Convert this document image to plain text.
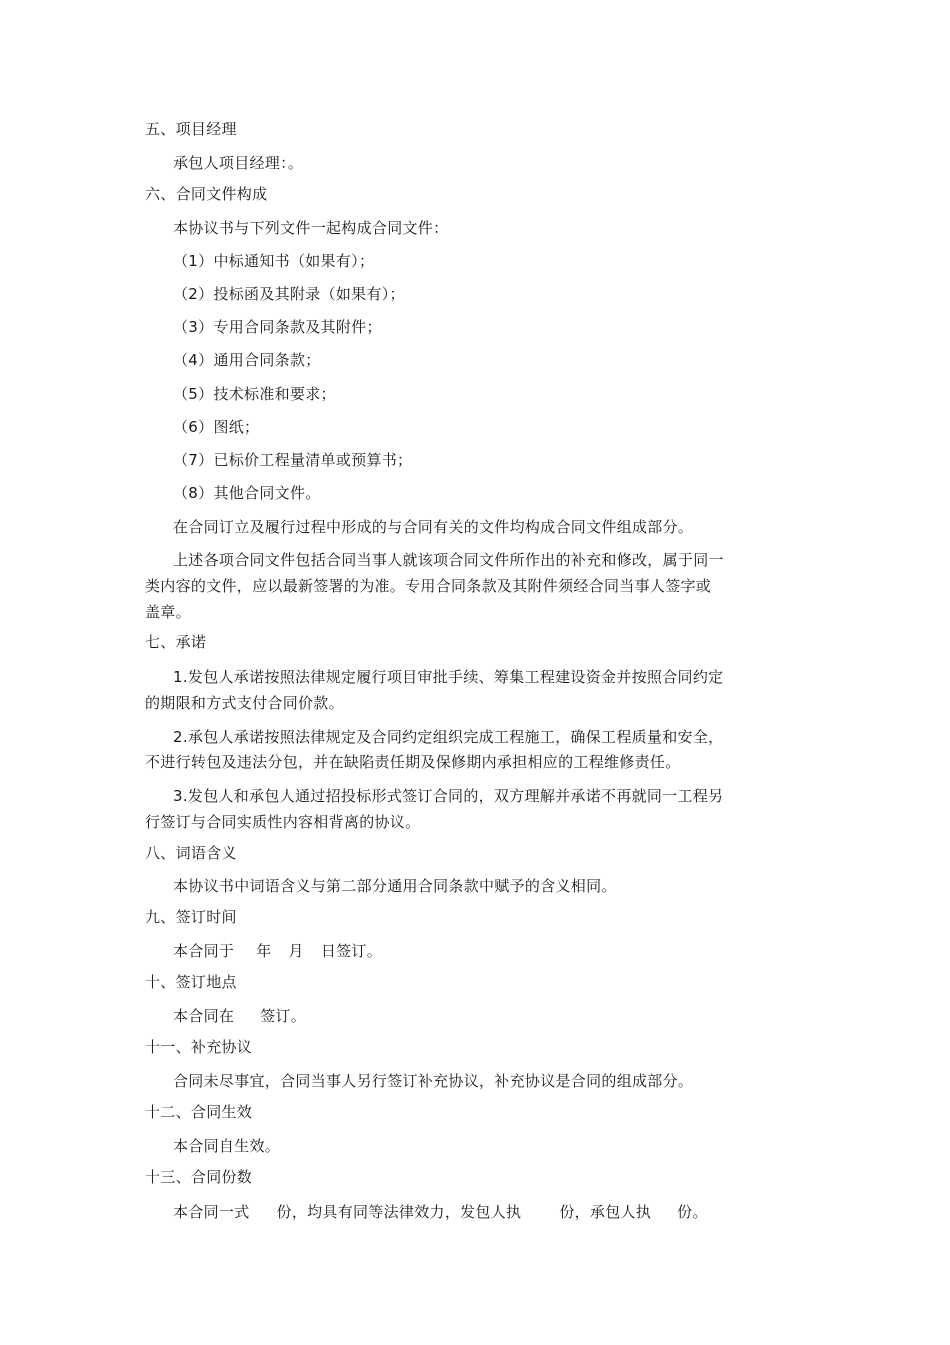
五、项目经理
承包人项目经理：。
六、合同文件构成
本协议书与下列文件一起构成合同文件：
（1）中标通知书（如果有）；
（2）投标函及其附录（如果有）；
（3）专用合同条款及其附件；
（4）通用合同条款；
（5）技术标准和要求；
（6）图纸；
（7）已标价工程量清单或预算书；
（8）其他合同文件。
在合同订立及履行过程中形成的与合同有关的文件均构成合同文件组成部分。
上述各项合同文件包括合同当事人就该项合同文件所作出的补充和修改，属于同一
类内容的文件，应以最新签署的为准。专用合同条款及其附件须经合同当事人签字或
盖章。
七、承诺
1.发包人承诺按照法律规定履行项目审批手续、筹集工程建设资金并按照合同约定
的期限和方式支付合同价款。
2.承包人承诺按照法律规定及合同约定组织完成工程施工，确保工程质量和安全，
不进行转包及违法分包，并在缺陷责任期及保修期内承担相应的工程维修责任。
3.发包人和承包人通过招投标形式签订合同的，双方理解并承诺不再就同一工程另
行签订与合同实质性内容相背离的协议。
八、词语含义
本协议书中词语含义与第二部分通用合同条款中赋予的含义相同。
九、签订时间
本合同于 年 月 日签订。
十、签订地点
本合同在 签订。
十一、补充协议
合同未尽事宜，合同当事人另行签订补充协议，补充协议是合同的组成部分。
十二、合同生效
本合同自生效。
十三、合同份数
本合同一式 份，均具有同等法律效力，发包人执	份，承包人执 份。
